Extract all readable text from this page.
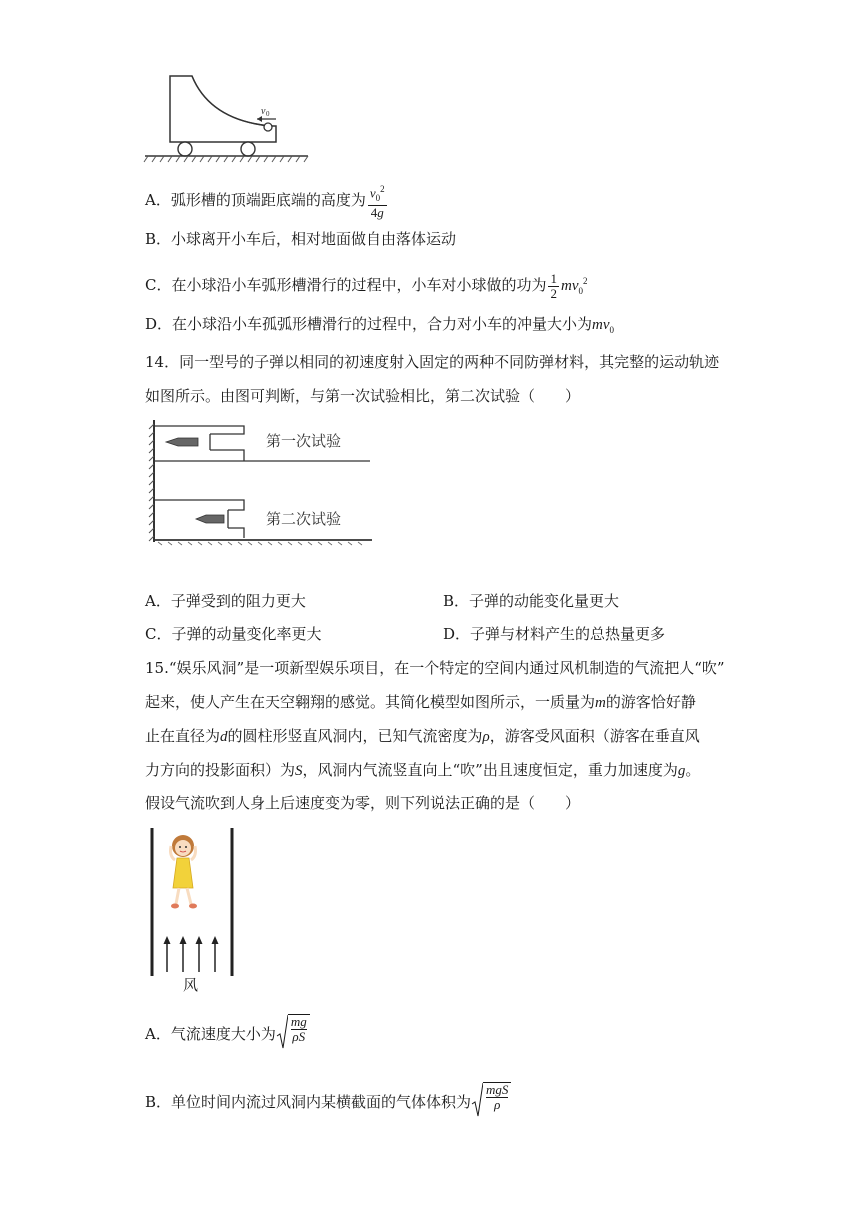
v 0
A．弧形槽的顶端距底端的高度为 $\frac{v_0^2}{4g}$
B．小球离开小车后，相对地面做自由落体运动
C．在小球沿小车弧形槽滑行的过程中，小车对小球做的功为 $\frac{1}{2} mv_0^2$
D．在小球沿小车孤弧形槽滑行的过程中，合力对小车的冲量大小为$mv_0$
14．同一型号的子弹以相同的初速度射入固定的两种不同防弹材料，其完整的运动轨迹
如图所示。由图可判断，与第一次试验相比，第二次试验（　　）
第一次试验
第二次试验
A．子弹受到的阻力更大	B．子弹的动能变化量更大
C．子弹的动量变化率更大	D．子弹与材料产生的总热量更多
15.“娱乐风洞”是一项新型娱乐项目，在一个特定的空间内通过风机制造的气流把人“吹”
起来，使人产生在天空翱翔的感觉。其简化模型如图所示，一质量为m的游客恰好静
止在直径为d的圆柱形竖直风洞内，已知气流密度为ρ，游客受风面积（游客在垂直风
力方向的投影面积）为S，风洞内气流竖直向上“吹”出且速度恒定，重力加速度为g。
假设气流吹到人身上后速度变为零，则下列说法正确的是（　　）
风
A．气流速度大小为 $\frac{mg}{\rho S}$
B．单位时间内流过风洞内某横截面的气体体积为 $\frac{\text{mgS}}{\rho}$
